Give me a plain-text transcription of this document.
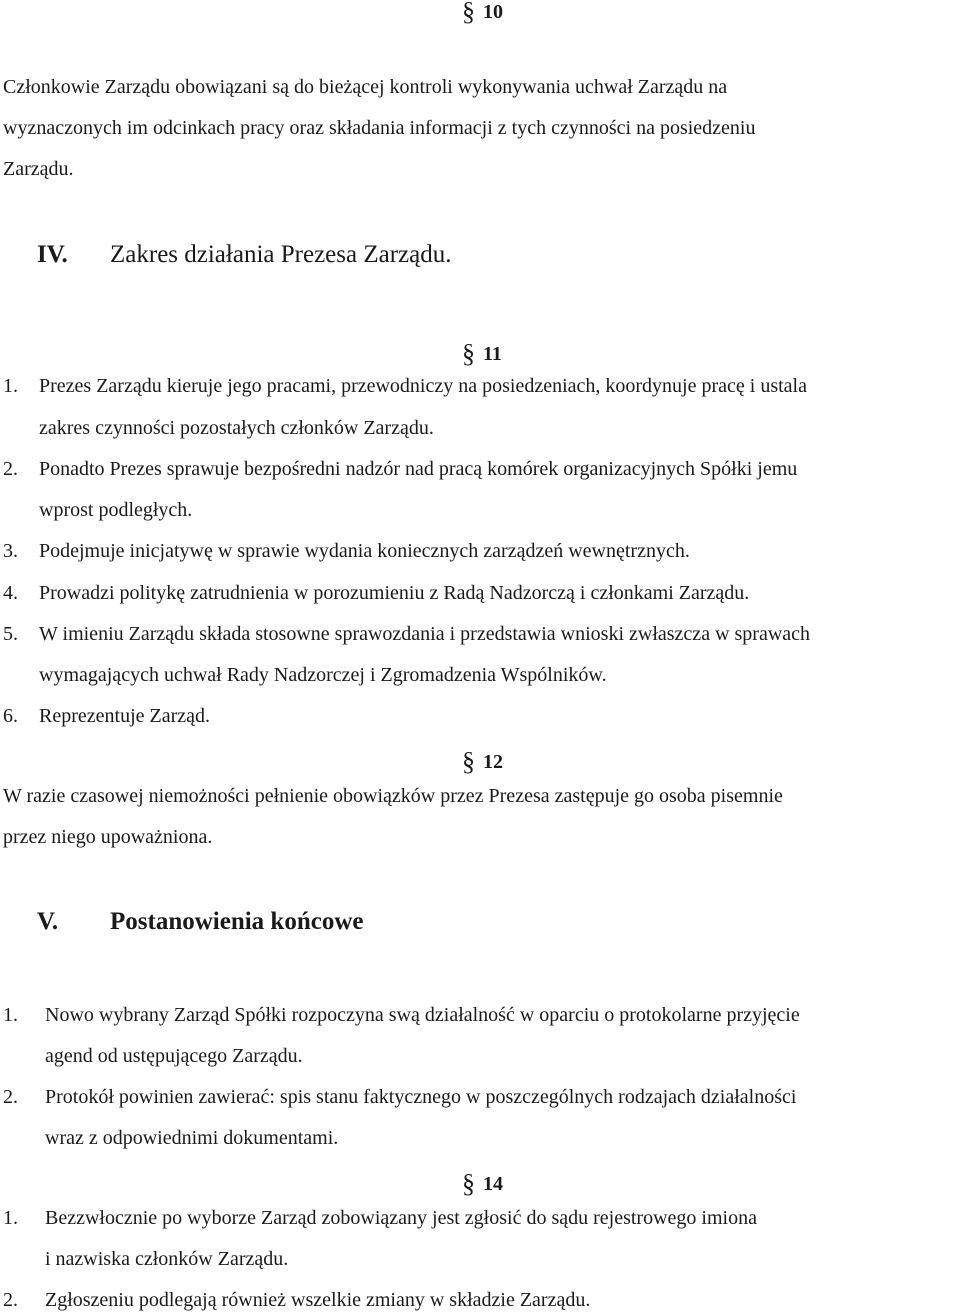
§ 10
Członkowie Zarządu obowiązani są do bieżącej kontroli wykonywania uchwał Zarządu na
wyznaczonych im odcinkach pracy oraz składania informacji z tych czynności na posiedzeniu
Zarządu.
IV. Zakres działania Prezesa Zarządu.
§ 11
1. Prezes Zarządu kieruje jego pracami, przewodniczy na posiedzeniach, koordynuje pracę i ustala
zakres czynności pozostałych członków Zarządu.
2. Ponadto Prezes sprawuje bezpośredni nadzór nad pracą komórek organizacyjnych Spółki jemu
wprost podległych.
3. Podejmuje inicjatywę w sprawie wydania koniecznych zarządzeń wewnętrznych.
4. Prowadzi politykę zatrudnienia w porozumieniu z Radą Nadzorczą i członkami Zarządu.
5. W imieniu Zarządu składa stosowne sprawozdania i przedstawia wnioski zwłaszcza w sprawach
wymagających uchwał Rady Nadzorczej i Zgromadzenia Wspólników.
6. Reprezentuje Zarząd.
§ 12
W razie czasowej niemożności pełnienie obowiązków przez Prezesa zastępuje go osoba pisemnie
przez niego upoważniona.
V. Postanowienia końcowe
1. Nowo wybrany Zarząd Spółki rozpoczyna swą działalność w oparciu o protokolarne przyjęcie
agend od ustępującego Zarządu.
2. Protokół powinien zawierać: spis stanu faktycznego w poszczególnych rodzajach działalności
wraz z odpowiednimi dokumentami.
§ 14
1. Bezzwłocznie po wyborze Zarząd zobowiązany jest zgłosić do sądu rejestrowego imiona
i nazwiska członków Zarządu.
2. Zgłoszeniu podlegają również wszelkie zmiany w składzie Zarządu.
